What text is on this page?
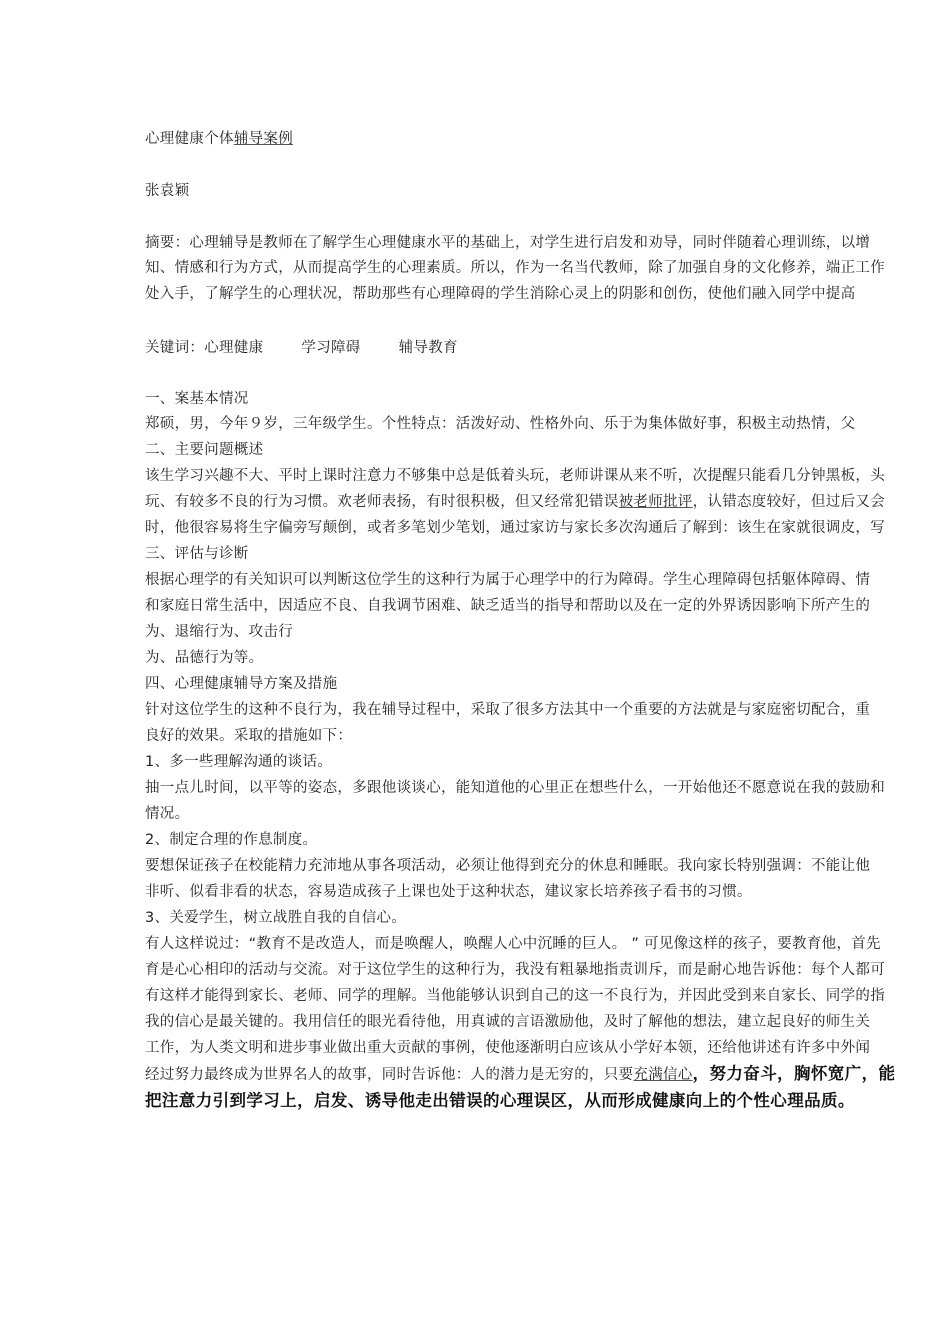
心理健康个体辅导案例
张袁颖
摘要：心理辅导是教师在了解学生心理健康水平的基础上，对学生进行启发和劝导，同时伴随着心理训练，以增
知、情感和行为方式，从而提高学生的心理素质。所以，作为一名当代教师，除了加强自身的文化修养，端正工作
处入手，了解学生的心理状况，帮助那些有心理障碍的学生消除心灵上的阴影和创伤，使他们融入同学中提高
关键词：心理健康	学习障碍	辅导教育
一、案基本情况
郑硕，男，今年９岁，三年级学生。个性特点：活泼好动、性格外向、乐于为集体做好事，积极主动热情，父
二、主要问题概述
该生学习兴趣不大、平时上课时注意力不够集中总是低着头玩，老师讲课从来不听，次提醒只能看几分钟黑板，头
玩、有较多不良的行为习惯。欢老师表扬，有时很积极，但又经常犯错误被老师批评，认错态度较好，但过后又会
时，他很容易将生字偏旁写颠倒，或者多笔划少笔划，通过家访与家长多次沟通后了解到：该生在家就很调皮，写
三、评估与诊断
根据心理学的有关知识可以判断这位学生的这种行为属于心理学中的行为障碍。学生心理障碍包括躯体障碍、情
和家庭日常生活中，因适应不良、自我调节困难、缺乏适当的指导和帮助以及在一定的外界诱因影响下所产生的
为、退缩行为、攻击行
为、品德行为等。
四、心理健康辅导方案及措施
针对这位学生的这种不良行为，我在辅导过程中，采取了很多方法其中一个重要的方法就是与家庭密切配合，重
良好的效果。采取的措施如下：
1、多一些理解沟通的谈话。
抽一点儿时间，以平等的姿态，多跟他谈谈心，能知道他的心里正在想些什么，一开始他还不愿意说在我的鼓励和
情况。
2、制定合理的作息制度。
要想保证孩子在校能精力充沛地从事各项活动，必须让他得到充分的休息和睡眠。我向家长特别强调：不能让他
非听、似看非看的状态，容易造成孩子上课也处于这种状态，建议家长培养孩子看书的习惯。
3、关爱学生，树立战胜自我的自信心。
有人这样说过：“教育不是改造人，而是唤醒人，唤醒人心中沉睡的巨人。 ” 可见像这样的孩子，要教育他，首先
育是心心相印的活动与交流。对于这位学生的这种行为，我没有粗暴地指责训斥，而是耐心地告诉他：每个人都可
有这样才能得到家长、老师、同学的理解。当他能够认识到自己的这一不良行为，并因此受到来自家长、同学的指
我的信心是最关键的。我用信任的眼光看待他，用真诚的言语激励他，及时了解他的想法，建立起良好的师生关
工作，为人类文明和进步事业做出重大贡献的事例，使他逐渐明白应该从小学好本领，还给他讲述有许多中外闻
经过努力最终成为世界名人的故事，同时告诉他：人的潜力是无穷的，只要充满信心，努力奋斗，胸怀宽广，能
把注意力引到学习上，启发、诱导他走出错误的心理误区，从而形成健康向上的个性心理品质。
